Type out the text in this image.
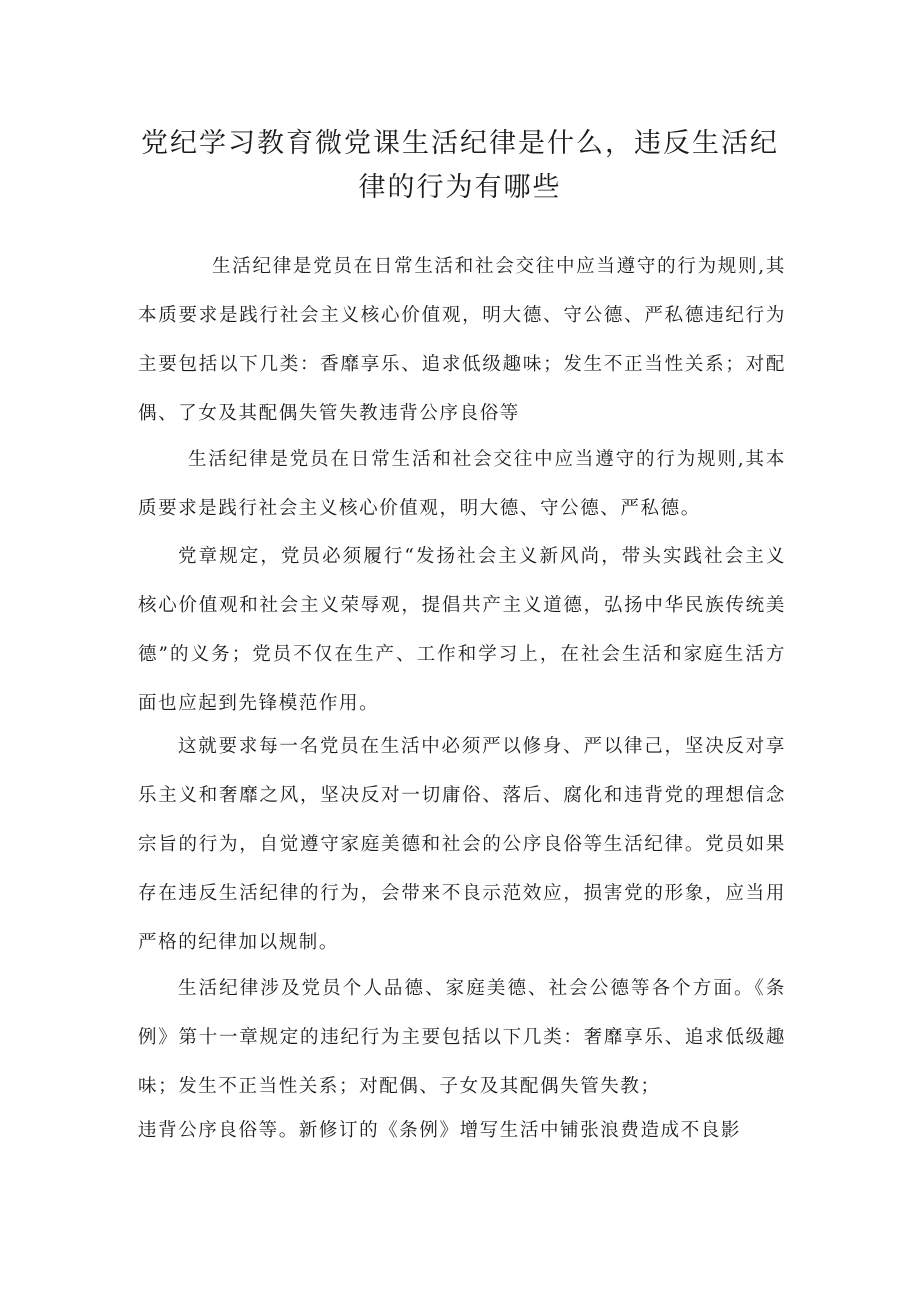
党纪学习教育微党课生活纪律是什么，违反生活纪律的行为有哪些

生活纪律是党员在日常生活和社会交往中应当遵守的行为规则,其本质要求是践行社会主义核心价值观，明大德、守公德、严私德违纪行为主要包括以下几类：香靡享乐、追求低级趣味；发生不正当性关系；对配偶、了女及其配偶失管失教违背公序良俗等

生活纪律是党员在日常生活和社会交往中应当遵守的行为规则,其本质要求是践行社会主义核心价值观，明大德、守公德、严私德。

党章规定，党员必须履行“发扬社会主义新风尚，带头实践社会主义核心价值观和社会主义荣辱观，提倡共产主义道德，弘扬中华民族传统美德”的义务；党员不仅在生产、工作和学习上，在社会生活和家庭生活方面也应起到先锋模范作用。

这就要求每一名党员在生活中必须严以修身、严以律己，坚决反对享乐主义和奢靡之风，坚决反对一切庸俗、落后、腐化和违背党的理想信念宗旨的行为，自觉遵守家庭美德和社会的公序良俗等生活纪律。党员如果存在违反生活纪律的行为，会带来不良示范效应，损害党的形象，应当用严格的纪律加以规制。

生活纪律涉及党员个人品德、家庭美德、社会公德等各个方面。《条例》第十一章规定的违纪行为主要包括以下几类：奢靡享乐、追求低级趣味；发生不正当性关系；对配偶、子女及其配偶失管失教；

违背公序良俗等。新修订的《条例》增写生活中铺张浪费造成不良影
